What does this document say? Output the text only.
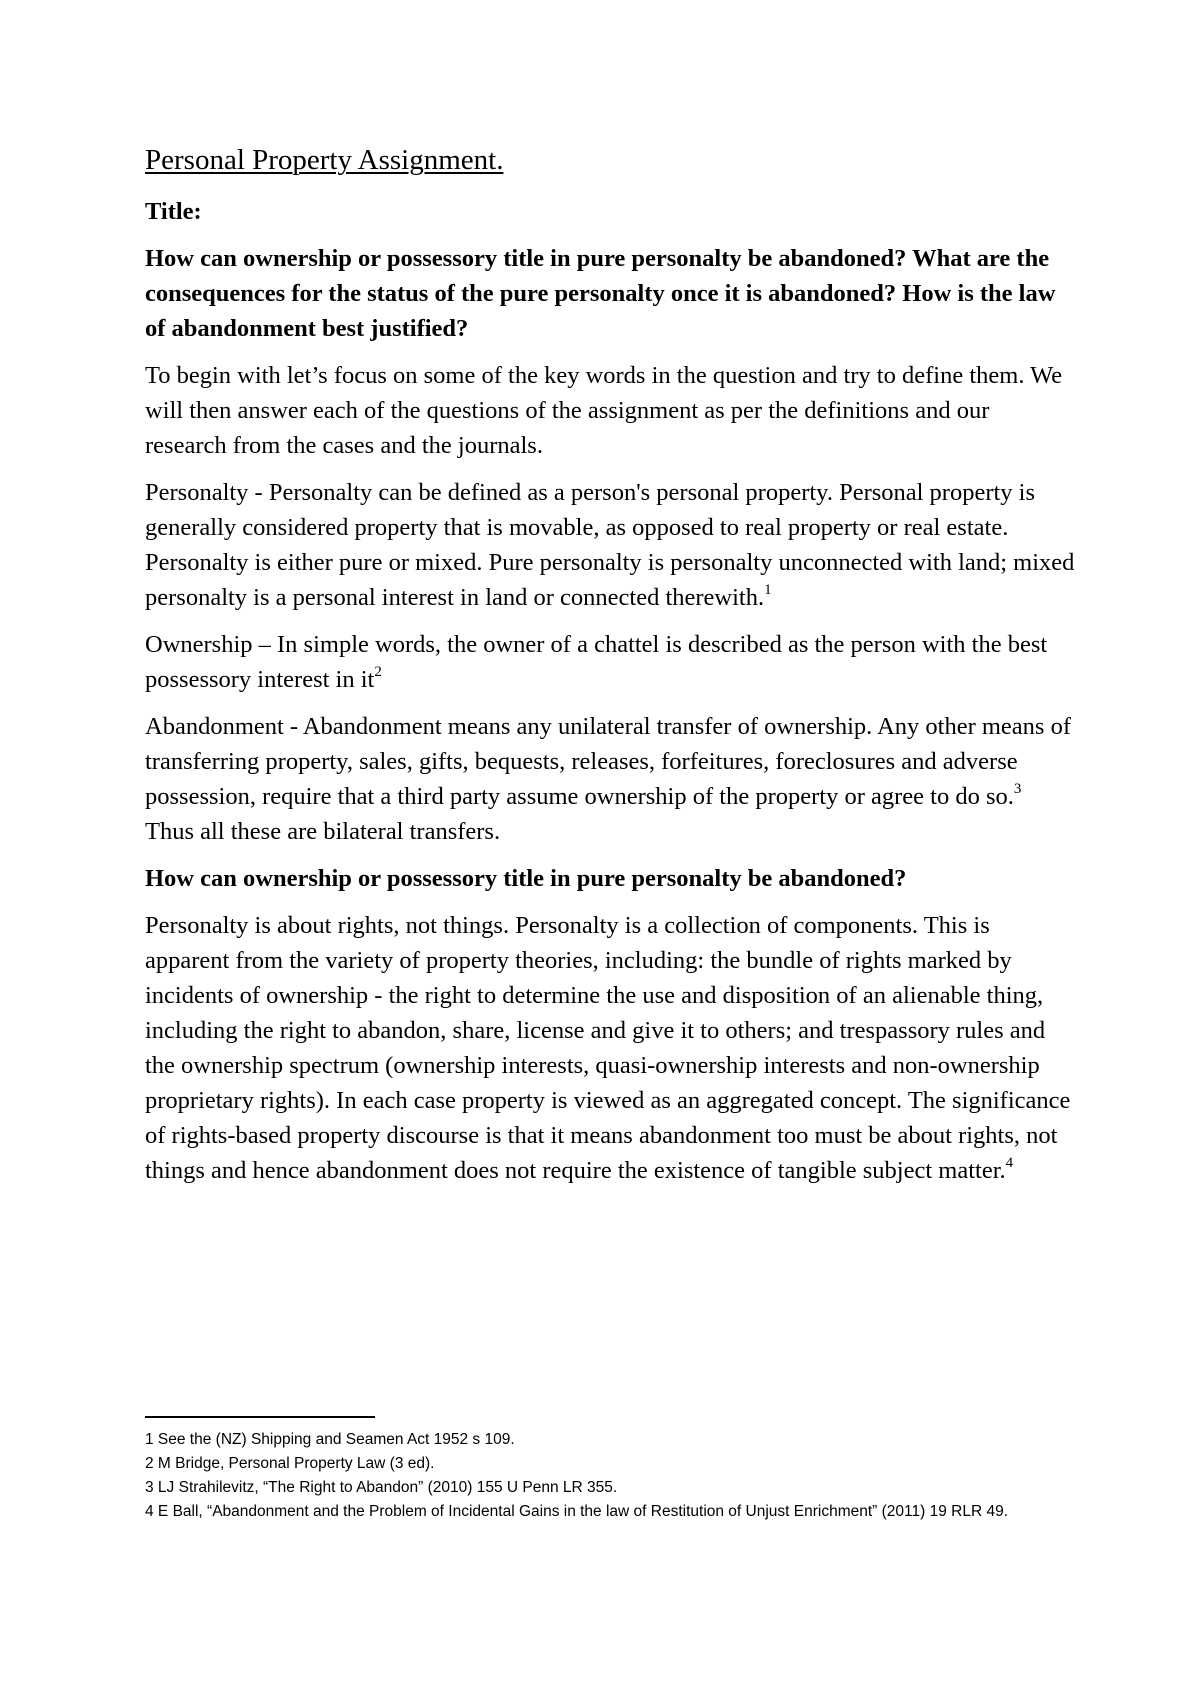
Personal Property Assignment.

Title:

How can ownership or possessory title in pure personalty be abandoned? What are the consequences for the status of the pure personalty once it is abandoned? How is the law of abandonment best justified?

To begin with let’s focus on some of the key words in the question and try to define them. We will then answer each of the questions of the assignment as per the definitions and our research from the cases and the journals.

Personalty - Personalty can be defined as a person's personal property. Personal property is generally considered property that is movable, as opposed to real property or real estate. Personalty is either pure or mixed. Pure personalty is personalty unconnected with land; mixed personalty is a personal interest in land or connected therewith.$^1$

Ownership – In simple words, the owner of a chattel is described as the person with the best possessory interest in $it^2$

Abandonment - Abandonment means any unilateral transfer of ownership. Any other means of transferring property, sales, gifts, bequests, releases, forfeitures, foreclosures and adverse possession, require that a third party assume ownership of the property or agree to do so.$^3$ Thus all these are bilateral transfers.

How can ownership or possessory title in pure personalty be abandoned?

Personalty is about rights, not things. Personalty is a collection of components. This is apparent from the variety of property theories, including: the bundle of rights marked by incidents of ownership - the right to determine the use and disposition of an alienable thing, including the right to abandon, share, license and give it to others; and trespassory rules and the ownership spectrum (ownership interests, quasi-ownership interests and non-ownership proprietary rights). In each case property is viewed as an aggregated concept. The significance of rights-based property discourse is that it means abandonment too must be about rights, not things and hence abandonment does not require the existence of tangible subject matter.$^4$

1 See the (NZ) Shipping and Seamen Act 1952 s 109.

2 M Bridge, Personal Property Law (3 ed).

3 LJ Strahilevitz, “The Right to Abandon” (2010) 155 U Penn LR 355.

4 E Ball, “Abandonment and the Problem of Incidental Gains in the law of Restitution of Unjust Enrichment” (2011) 19 RLR 49.
